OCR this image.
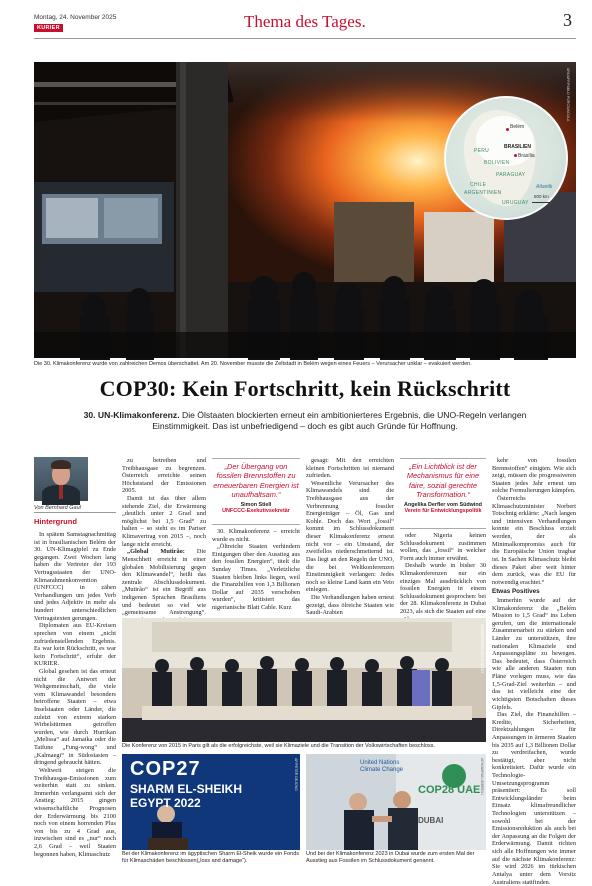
Montag, 24. November 2025
KURIER	Thema des Tages.	3
APA/AFP/PABLO PORCIUNCULA
Belém
BRASILIEN
Brasília
PERU
BOLIVIEN
PARAGUAY
CHILE
ARGENTINIEN
URUGUAY
Atlantik
800 km
Die 30. Klimakonferenz wurde von zahlreichen Demos überschattet. Am 20. November musste die Zeltstadt in Belém wegen eines Feuers – Verursacher unklar – evakuiert werden.
COP30: Kein Fortschritt, kein Rückschritt
30. UN-Klimakonferenz. Die Ölstaaten blockierten erneut ein ambitionierteres Ergebnis, die UNO-Regeln verlangen Einstimmigkeit. Das ist unbefriedigend – doch es gibt auch Gründe für Hoffnung.
Von Bernhard Gaul
Hintergrund

In spätem Samstagnachmittag ist in brasilianischen Belém der 30. UN-Klimagipfel zu Ende gegangen. Zwei Wochen lang haben die Vertreter der 193 Vertragsstaaten der UNO-Klimarahmenkonvention (UNFCCC) in zähen Verhandlungen um jedes Verb und jedes Adjektiv in mehr als hundert unterschiedlichen Vertragstexten gerungen.

Diplomaten aus EU-Kreisen sprechen von einem „nicht zufriedenstellenden Ergebnis. Es war kein Rückschritt, es war kein Fortschritt“, erfuhr der KURIER.

Global gesehen ist das erneut nicht die Antwort der Weltgemeinschaft, die viele vom Klimawandel besonders betroffene Staaten – etwa Inselstaaten oder Länder, die zuletzt von extrem starken Wirbelstürmen getroffen wurden, wie durch Hurrikan „Melissa“ auf Jamaika oder die Taifune „Fung-wong“ und „Kalmaegi“ in Südostasien – dringend gebraucht hätten.

Weltweit steigen die Treibhausgas-Emissionen zum weiterhin statt zu sinken. Immerhin verlangsamt sich der Anstieg: 2015 gingen wissenschaftliche Prognosen der Erderwärmung bis 2100 noch von einem horrenden Plus von bis zu 4 Grad aus, inzwischen sind es „nur“ noch 2,6 Grad – weil Staaten begonnen haben, Klimaschutz

zu betreiben und Treibhausgase zu begrenzen. Österreich erreichte seinen Höchststand der Emissionen 2005.

Damit ist das über allem stehende Ziel, die Erwärmung „deutlich unter 2 Grad und möglichst bei 1,5 Grad“ zu halten – so steht es im Pariser Klimavertrag von 2015 –, noch lange nicht erreicht.

„Global Mutirão: Die Menschheit erreicht in einer globalen Mobilisierung gegen den Klimawandel“, heißt das zentrale Abschlussdokument. „Mutirão“ ist ein Begriff aus indigenen Sprachen Brasiliens und bedeutet so viel wie „gemeinsame Anstrengung“.

„Der Übergang von fossilen Brennstoffen zu erneuerbaren Energien ist unaufhaltsam.“
Simon Stiell
UNFCCC-Exekutivsekretär

30. Klimakonferenz – erreicht wurde es nicht.

„Öltreiche Staaten verhindern Einigungen über den Ausstieg aus den fossilen Energien“, titelt die Sunday Times. „Verletzliche Staaten bleiben links liegen, weil die Finanzhilfen von 1,3 Billionen Dollar auf 2035 verschoben wurden“, kritisiert das nigerianische Blatt Cable. Kurz

gesagt: Mit den erreichten kleinen Fortschritten ist niemand zufrieden.

Wesentliche Verursacher des Klimawandels sind die Treibhausgase aus der Verbrennung fossiler Energieträger – Öl, Gas und Kohle. Doch das Wort „fossil“ kommt im Schlussdokument dieser Klimakonferenz erneut nicht vor – ein Umstand, der zweifellos niederschmetternd ist. Das liegt an den Regeln der UNO, die bei Weltkonferenzen Einstimmigkeit verlangen: Jedes noch so kleine Land kann ein Veto einlegen.

Die Verhandlungen haben erneut gezeigt, dass ölreiche Staaten wie Saudi-Arabien

„Ein Lichtblick ist der Mechanismus für eine faire, sozial gerechte Transformation.“
Angelika Derfler vom Südwind
Verein für Entwicklungspolitik

oder Nigeria keinen Schlussdokument zustimmen wollen, das „fossil“ in welcher Form auch immer erwähnt.

Deshalb wurde in bisher 30 Klimakonferenzen nur ein einziges Mal ausdrücklich von fossilen Energien in einem Schlussdokument gesprochen: bei der 28. Klimakonferenz in Dubai 2023, als sich die Staaten auf eine

kehr von fossilen Brennstoffen“ einigten. Wie sich zeigt, müssen die progressiveren Staaten jedes Jahr erneut um solche Formulierungen kämpfen.

Österreichs Klimaschutzminister Norbert Totschnig erklärte: „Nach langen und intensiven Verhandlungen konnte ein Beschluss erzielt werden, der als Minimalkompromiss auch für die Europäische Union tragbar ist. In Sachen Klimaschutz bleibt dieses Paket aber weit hinter dem zurück, was die EU für notwendig erachtet.“

Etwas Positives

Immerhin wurde auf der Klimakonferenz die „Belém Mission to 1,5 Grad“ ins Leben gerufen, um die internationale Zusammenarbeit zu stärken und Länder zu unterstützen, ihre nationalen Klimaziele und Anpassungspläne zu bewegen. Das bedeutet, dass Österreich wie alle anderen Staaten nun Pläne vorlegen muss, wie das 1,5-Grad-Ziel weiterhin – und das ist vielleicht eine der wichtigsten Botschaften dieses Gipfels.

Das Ziel, die Finanzhilfen – Kredite, Sicherheiten, Direktzahlungen – für Anpassungen in ärmeren Staaten bis 2035 auf 1,3 Billionen Dollar zu verdreifachen, wurde bestätigt, aber nicht konkretisiert. Dafür wurde ein Technologie-Umsetzungsprogramm präsentiert: Es soll Entwicklungsländer beim Einsatz klimafreundlicher Technologien unterstützen – sowohl bei der Emissionsreduktion als auch bei der Anpassung an die Folgen der Erderwärmung. Damit richten sich alle Hoffnungen wie immer auf die nächste Klimakonferenz: Sie wird 2026 im türkischen Antalya unter dem Vorsitz Australiens stattfinden.

APA/AFP/FRANCOIS GUILLOT
Die Konferenz von 2015 in Paris gilt als die erfolgreichste, weil sie Klimaziele und die Transition der Volkswirtschaften beschloss.
COP27
SHARM EL-SHEIKH
EGYPT 2022
AP/PETER DEJONG
Bei der Klimakonferenz im ägyptischen Sharm El-Sheik wurde ein Fonds für Klimaschäden beschlossen(„loss and damage“).
United Nations Climate Change
COP28 UAE
DUBAI
AP/KAMRAN JEBREILI
Und bei der Klimakonferenz 2023 in Dubai wurde zum ersten Mal der Ausstieg aus Fossilen im Schlussdokument genannt.
